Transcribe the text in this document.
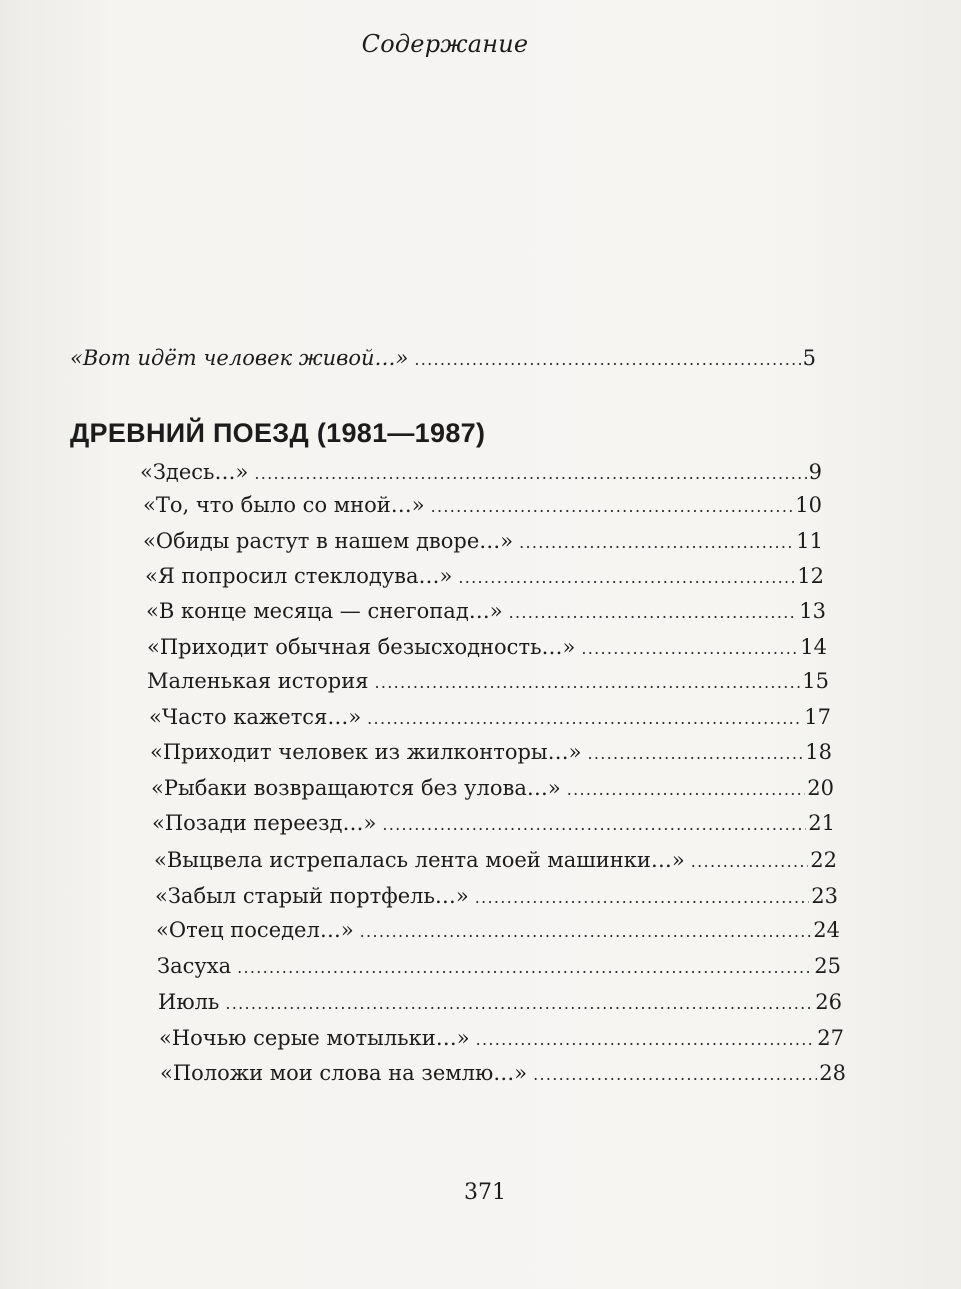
Содержание
«Вот идёт человек живой…» .....	5
ДРЕВНИЙ ПОЕЗД (1981—1987)
«Здесь…» .....	9
«То, что было со мной…» .....	10
«Обиды растут в нашем дворе…» .....	11
«Я попросил стеклодува…» .....	12
«В конце месяца — снегопад…» .....	13
«Приходит обычная безысходность…» .....	14
Маленькая история .....	15
«Часто кажется…» .....	17
«Приходит человек из жилконторы…» .....	18
«Рыбаки возвращаются без улова…» .....	20
«Позади переезд…» .....	21
«Выцвела истрепалась лента моей машинки…» .....	22
«Забыл старый портфель…» .....	23
«Отец поседел…» .....	24
Засуха .....	25
Июль .....	26
«Ночью серые мотыльки…» .....	27
«Положи мои слова на землю…» .....	28
371
